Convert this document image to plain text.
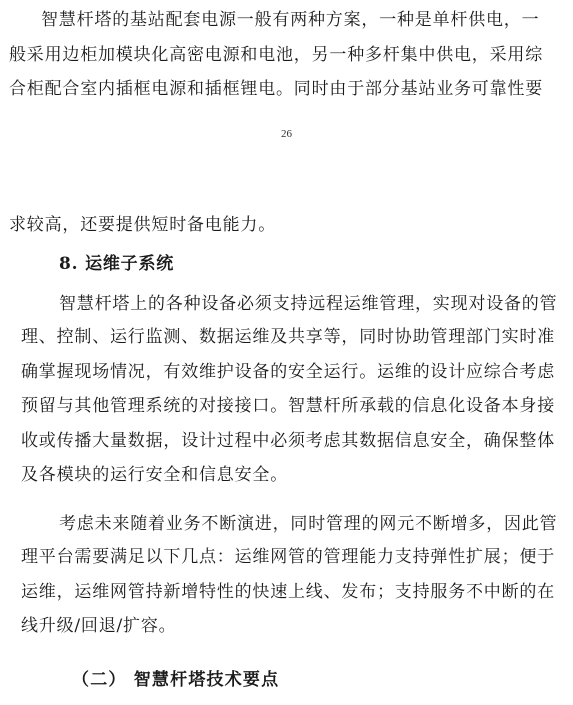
智慧杆塔的基站配套电源一般有两种方案，一种是单杆供电，一
般采用边柜加模块化高密电源和电池，另一种多杆集中供电，采用综
合柜配合室内插框电源和插框锂电。同时由于部分基站业务可靠性要
26
求较高，还要提供短时备电能力。
8. 运维子系统
智慧杆塔上的各种设备必须支持远程运维管理，实现对设备的管
理、控制、运行监测、数据运维及共享等，同时协助管理部门实时准
确掌握现场情况，有效维护设备的安全运行。运维的设计应综合考虑
预留与其他管理系统的对接接口。智慧杆所承载的信息化设备本身接
收或传播大量数据，设计过程中必须考虑其数据信息安全，确保整体
及各模块的运行安全和信息安全。
考虑未来随着业务不断演进，同时管理的网元不断增多，因此管
理平台需要满足以下几点：运维网管的管理能力支持弹性扩展；便于
运维，运维网管持新增特性的快速上线、发布；支持服务不中断的在
线升级/回退/扩容。
（二） 智慧杆塔技术要点
